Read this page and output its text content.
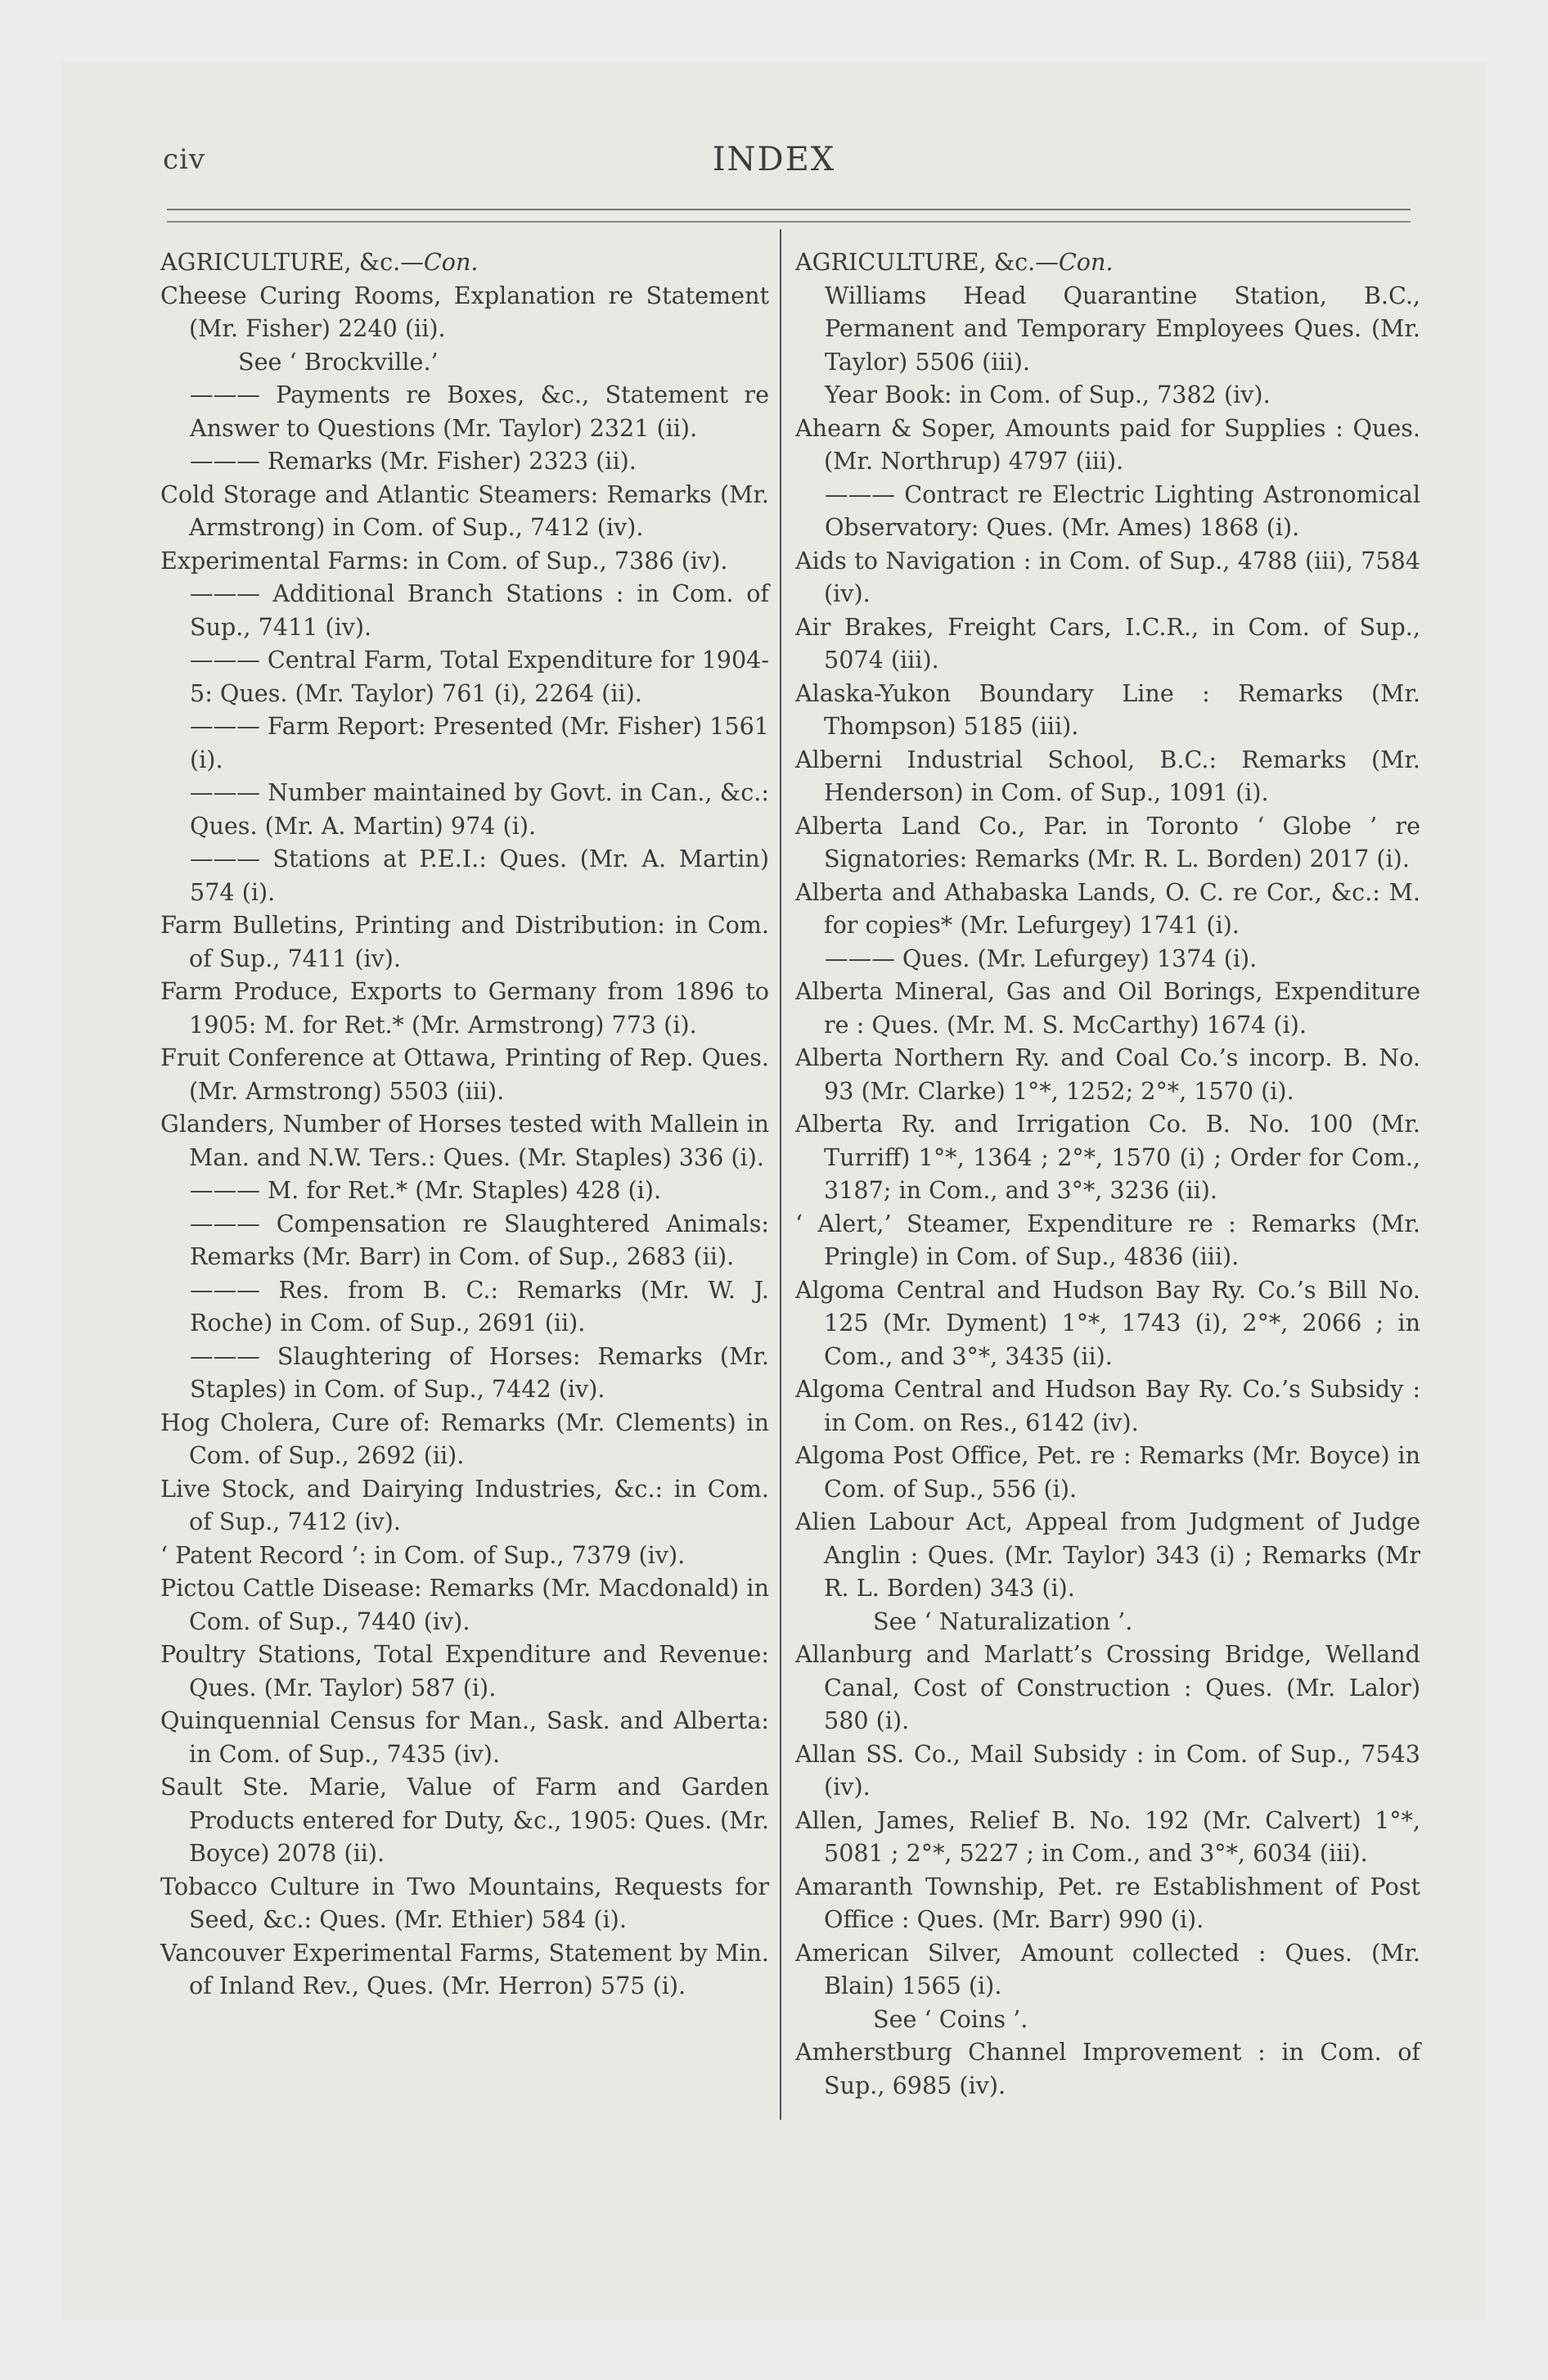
civ	INDEX

AGRICULTURE, &c.—Con.

Cheese Curing Rooms, Explanation re Statement (Mr. Fisher) 2240 (ii).

See ‘ Brockville.’

——— Payments re Boxes, &c., Statement re Answer to Questions (Mr. Taylor) 2321 (ii).

——— Remarks (Mr. Fisher) 2323 (ii).

Cold Storage and Atlantic Steamers: Remarks (Mr. Armstrong) in Com. of Sup., 7412 (iv).

Experimental Farms: in Com. of Sup., 7386 (iv).

——— Additional Branch Stations : in Com. of Sup., 7411 (iv).

——— Central Farm, Total Expenditure for 1904-5: Ques. (Mr. Taylor) 761 (i), 2264 (ii).

——— Farm Report: Presented (Mr. Fisher) 1561 (i).

——— Number maintained by Govt. in Can., &c.: Ques. (Mr. A. Martin) 974 (i).

——— Stations at P.E.I.: Ques. (Mr. A. Martin) 574 (i).

Farm Bulletins, Printing and Distribution: in Com. of Sup., 7411 (iv).

Farm Produce, Exports to Germany from 1896 to 1905: M. for Ret.* (Mr. Armstrong) 773 (i).

Fruit Conference at Ottawa, Printing of Rep. Ques. (Mr. Armstrong) 5503 (iii).

Glanders, Number of Horses tested with Mallein in Man. and N.W. Ters.: Ques. (Mr. Staples) 336 (i).

——— M. for Ret.* (Mr. Staples) 428 (i).

——— Compensation re Slaughtered Animals: Remarks (Mr. Barr) in Com. of Sup., 2683 (ii).

——— Res. from B. C.: Remarks (Mr. W. J. Roche) in Com. of Sup., 2691 (ii).

——— Slaughtering of Horses: Remarks (Mr. Staples) in Com. of Sup., 7442 (iv).

Hog Cholera, Cure of: Remarks (Mr. Clements) in Com. of Sup., 2692 (ii).

Live Stock, and Dairying Industries, &c.: in Com. of Sup., 7412 (iv).

‘ Patent Record ’: in Com. of Sup., 7379 (iv).

Pictou Cattle Disease: Remarks (Mr. Macdonald) in Com. of Sup., 7440 (iv).

Poultry Stations, Total Expenditure and Revenue: Ques. (Mr. Taylor) 587 (i).

Quinquennial Census for Man., Sask. and Alberta: in Com. of Sup., 7435 (iv).

Sault Ste. Marie, Value of Farm and Garden Products entered for Duty, &c., 1905: Ques. (Mr. Boyce) 2078 (ii).

Tobacco Culture in Two Mountains, Requests for Seed, &c.: Ques. (Mr. Ethier) 584 (i).

Vancouver Experimental Farms, Statement by Min. of Inland Rev., Ques. (Mr. Herron) 575 (i).

AGRICULTURE, &c.—Con.

Williams Head Quarantine Station, B.C., Permanent and Temporary Employees Ques. (Mr. Taylor) 5506 (iii).

Year Book: in Com. of Sup., 7382 (iv).

Ahearn & Soper, Amounts paid for Supplies : Ques. (Mr. Northrup) 4797 (iii).

——— Contract re Electric Lighting Astronomical Observatory: Ques. (Mr. Ames) 1868 (i).

Aids to Navigation : in Com. of Sup., 4788 (iii), 7584 (iv).

Air Brakes, Freight Cars, I.C.R., in Com. of Sup., 5074 (iii).

Alaska-Yukon Boundary Line : Remarks (Mr. Thompson) 5185 (iii).

Alberni Industrial School, B.C.: Remarks (Mr. Henderson) in Com. of Sup., 1091 (i).

Alberta Land Co., Par. in Toronto ‘ Globe ’ re Signatories: Remarks (Mr. R. L. Borden) 2017 (i).

Alberta and Athabaska Lands, O. C. re Cor., &c.: M. for copies* (Mr. Lefurgey) 1741 (i).

——— Ques. (Mr. Lefurgey) 1374 (i).

Alberta Mineral, Gas and Oil Borings, Expenditure re : Ques. (Mr. M. S. McCarthy) 1674 (i).

Alberta Northern Ry. and Coal Co.’s incorp. B. No. 93 (Mr. Clarke) 1°*, 1252; 2°*, 1570 (i).

Alberta Ry. and Irrigation Co. B. No. 100 (Mr. Turriff) 1°*, 1364 ; 2°*, 1570 (i) ; Order for Com., 3187; in Com., and 3°*, 3236 (ii).

‘ Alert,’ Steamer, Expenditure re : Remarks (Mr. Pringle) in Com. of Sup., 4836 (iii).

Algoma Central and Hudson Bay Ry. Co.’s Bill No. 125 (Mr. Dyment) 1°*, 1743 (i), 2°*, 2066 ; in Com., and 3°*, 3435 (ii).

Algoma Central and Hudson Bay Ry. Co.’s Subsidy : in Com. on Res., 6142 (iv).

Algoma Post Office, Pet. re : Remarks (Mr. Boyce) in Com. of Sup., 556 (i).

Alien Labour Act, Appeal from Judgment of Judge Anglin : Ques. (Mr. Taylor) 343 (i) ; Remarks (Mr R. L. Borden) 343 (i).

See ‘ Naturalization ’.

Allanburg and Marlatt’s Crossing Bridge, Welland Canal, Cost of Construction : Ques. (Mr. Lalor) 580 (i).

Allan SS. Co., Mail Subsidy : in Com. of Sup., 7543 (iv).

Allen, James, Relief B. No. 192 (Mr. Calvert) 1°*, 5081 ; 2°*, 5227 ; in Com., and 3°*, 6034 (iii).

Amaranth Township, Pet. re Establishment of Post Office : Ques. (Mr. Barr) 990 (i).

American Silver, Amount collected : Ques. (Mr. Blain) 1565 (i).

See ‘ Coins ’.

Amherstburg Channel Improvement : in Com. of Sup., 6985 (iv).
